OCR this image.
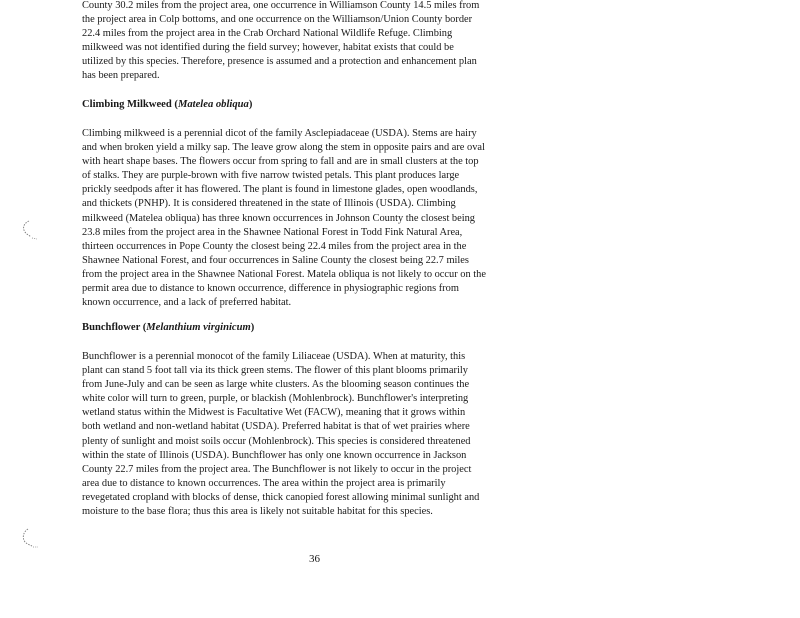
County 30.2 miles from the project area, one occurrence in Williamson County 14.5 miles from
the project area in Colp bottoms, and one occurrence on the Williamson/Union County border
22.4 miles from the project area in the Crab Orchard National Wildlife Refuge. Climbing
milkweed was not identified during the field survey; however, habitat exists that could be
utilized by this species. Therefore, presence is assumed and a protection and enhancement plan
has been prepared.
Climbing Milkweed (Matelea obliqua)
Climbing milkweed is a perennial dicot of the family Asclepiadaceae (USDA). Stems are hairy
and when broken yield a milky sap. The leave grow along the stem in opposite pairs and are oval
with heart shape bases. The flowers occur from spring to fall and are in small clusters at the top
of stalks. They are purple-brown with five narrow twisted petals. This plant produces large
prickly seedpods after it has flowered. The plant is found in limestone glades, open woodlands,
and thickets (PNHP). It is considered threatened in the state of Illinois (USDA). Climbing
milkweed (Matelea obliqua) has three known occurrences in Johnson County the closest being
23.8 miles from the project area in the Shawnee National Forest in Todd Fink Natural Area,
thirteen occurrences in Pope County the closest being 22.4 miles from the project area in the
Shawnee National Forest, and four occurrences in Saline County the closest being 22.7 miles
from the project area in the Shawnee National Forest. Matela obliqua is not likely to occur on the
permit area due to distance to known occurrence, difference in physiographic regions from
known occurrence, and a lack of preferred habitat.
Bunchflower (Melanthium virginicum)
Bunchflower is a perennial monocot of the family Liliaceae (USDA). When at maturity, this
plant can stand 5 foot tall via its thick green stems. The flower of this plant blooms primarily
from June-July and can be seen as large white clusters. As the blooming season continues the
white color will turn to green, purple, or blackish (Mohlenbrock). Bunchflower's interpreting
wetland status within the Midwest is Facultative Wet (FACW), meaning that it grows within
both wetland and non-wetland habitat (USDA). Preferred habitat is that of wet prairies where
plenty of sunlight and moist soils occur (Mohlenbrock). This species is considered threatened
within the state of Illinois (USDA). Bunchflower has only one known occurrence in Jackson
County 22.7 miles from the project area. The Bunchflower is not likely to occur in the project
area due to distance to known occurrences. The area within the project area is primarily
revegetated cropland with blocks of dense, thick canopied forest allowing minimal sunlight and
moisture to the base flora; thus this area is likely not suitable habitat for this species.
36
